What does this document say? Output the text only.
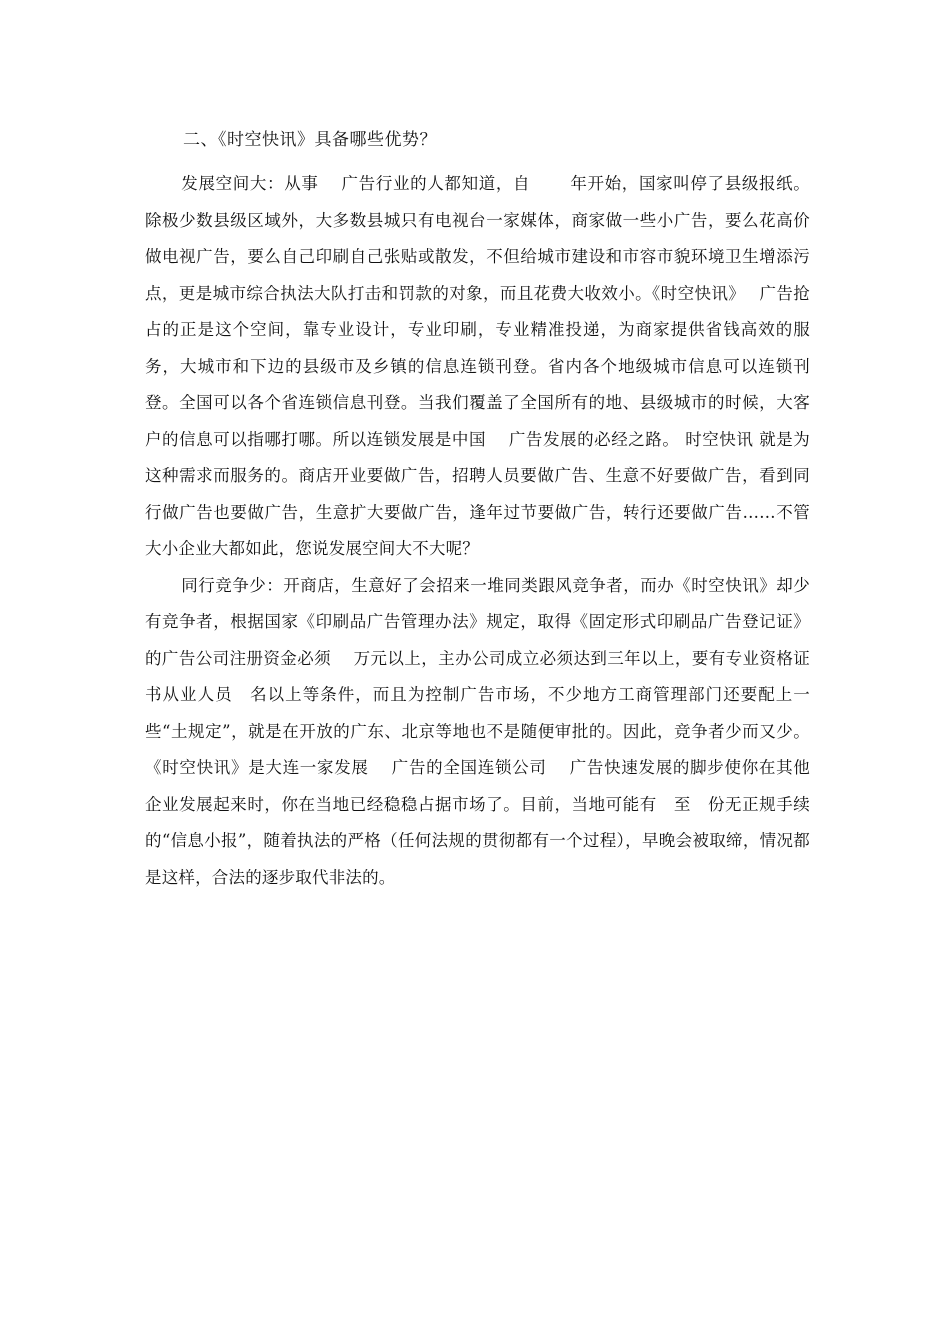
二、《时空快讯》具备哪些优势？

发展空间大：从事　 广告行业的人都知道，自　　 年开始，国家叫停了县级报纸。除极少数县级区域外，大多数县城只有电视台一家媒体，商家做一些小广告，要么花高价做电视广告，要么自己印刷自己张贴或散发，不但给城市建设和市容市貌环境卫生增添污点，更是城市综合执法大队打击和罚款的对象，而且花费大收效小。《时空快讯》　 广告抢占的正是这个空间，靠专业设计，专业印刷，专业精准投递，为商家提供省钱高效的服务，大城市和下边的县级市及乡镇的信息连锁刊登。省内各个地级城市信息可以连锁刊登。全国可以各个省连锁信息刊登。当我们覆盖了全国所有的地、县级城市的时候，大客户的信息可以指哪打哪。所以连锁发展是中国　 广告发展的必经之路。 时空快讯 就是为这种需求而服务的。商店开业要做广告，招聘人员要做广告、生意不好要做广告，看到同行做广告也要做广告，生意扩大要做广告，逢年过节要做广告，转行还要做广告……不管大小企业大都如此，您说发展空间大不大呢？

同行竞争少：开商店，生意好了会招来一堆同类跟风竞争者，而办《时空快讯》却少有竞争者，根据国家《印刷品广告管理办法》规定，取得《固定形式印刷品广告登记证》的广告公司注册资金必须　 万元以上，主办公司成立必须达到三年以上，要有专业资格证书从业人员　名以上等条件，而且为控制广告市场，不少地方工商管理部门还要配上一些“土规定”，就是在开放的广东、北京等地也不是随便审批的。因此，竞争者少而又少。《时空快讯》是大连一家发展　 广告的全国连锁公司　 广告快速发展的脚步使你在其他　 企业发展起来时，你在当地已经稳稳占据市场了。目前，当地可能有　至　份无正规手续的“信息小报”，随着执法的严格（任何法规的贯彻都有一个过程），早晚会被取缔，情况都是这样，合法的逐步取代非法的。
